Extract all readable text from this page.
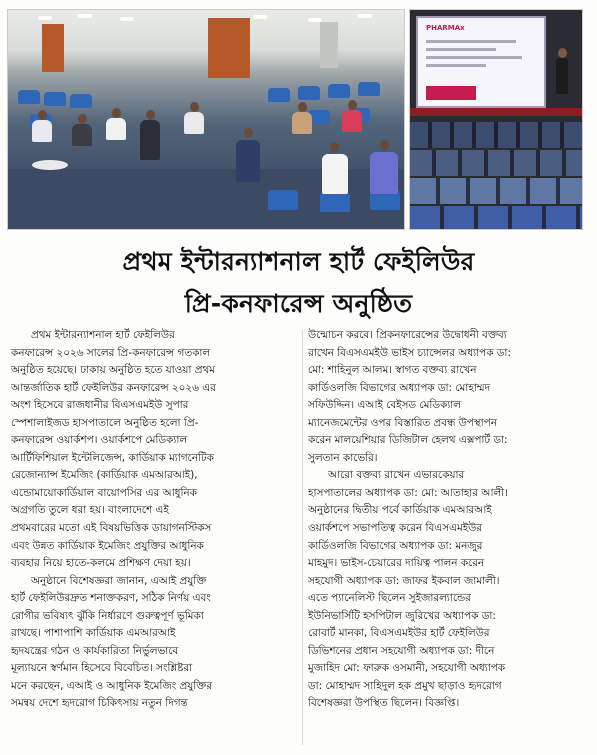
PHARMAx
প্রথম ইন্টারন্যাশনাল হার্ট ফেইলিউর
প্রি-কনফারেন্স অনুষ্ঠিত
প্রথম ইন্টারন্যাশনাল হার্ট ফেইলিউর
কনফারেন্স ২০২৬ সালের প্রি-কনফারেন্স গতকাল
অনুষ্ঠিত হয়েছে। ঢাকায় অনুষ্ঠিত হতে যাওয়া প্রথম
আন্তর্জাতিক হার্ট ফেইলিউর কনফারেন্স ২০২৬ এর
অংশ হিসেবে রাজধানীর বিএসএমইউ সুপার
স্পেশালাইজড হাসপাতালে অনুষ্ঠিত হলো প্রি-
কনফারেন্স ওয়ার্কশপ। ওয়ার্কশপে মেডিক্যাল
আর্টিফিশিয়াল ইন্টেলিজেন্স, কার্ডিয়াক ম্যাগনেটিক
রেজোন্যান্স ইমেজিং (কার্ডিয়াক এমআরআই),
এন্ডোমায়োকার্ডিয়াল বায়োপসির এর আধুনিক
অগ্রগতি তুলে ধরা হয়। বাংলাদেশে এই
প্রথমবারের মতো এই বিষয়ভিত্তিক ডায়াগনস্টিকস
এবং উন্নত কার্ডিয়াক ইমেজিং প্রযুক্তির আধুনিক
ব্যবহার নিয়ে হাতে-কলমে প্রশিক্ষণ দেয়া হয়।
অনুষ্ঠানে বিশেষজ্ঞরা জানান, এআই প্রযুক্তি
হার্ট ফেইলিউরদ্রুত শনাক্তকরণ, সঠিক নির্ণয় এবং
রোগীর ভবিষ্যৎ ঝুঁকি নির্ধারণে গুরুত্বপূর্ণ ভূমিকা
রাখছে। পাশাপাশি কার্ডিয়াক এমআরআই
হৃদযন্ত্রের গঠন ও কার্যকারিতা নির্ভুলভাবে
মূল্যায়নে স্বর্ণমান হিসেবে বিবেচিত। সংশ্লিষ্টরা
মনে করছেন, এআই ও আধুনিক ইমেজিং প্রযুক্তির
সমন্বয় দেশে হৃদরোগ চিকিৎসায় নতুন দিগন্ত
উন্মোচন করবে। প্রিকনফারেন্সের উদ্বোধনী বক্তব্য
রাখেন বিএসএমইউ ভাইস চ্যান্সেলর অধ্যাপক ডা:
মো: শাহিনুল আলম। স্বাগত বক্তব্য রাখেন
কার্ডিওলজি বিভাগের অধ্যাপক ডা: মোহাম্মদ
সফিউদ্দিন। এআই বেইসড মেডিক্যাল
ম্যানেজমেন্টের ওপর বিস্তারিত প্রবন্ধ উপস্থাপন
করেন মালয়েশিয়ার ডিজিটাল হেলথ এক্সপার্ট ডা:
সুলতান কাভেরি।
আরো বক্তব্য রাখেন এভারকেয়ার
হাসপাতালের অধ্যাপক ডা: মো: আতাহার আলী।
অনুষ্ঠানের দ্বিতীয় পর্বে কার্ডিয়াক এমআরআই
ওয়ার্কশপে সভাপতিত্ব করেন বিএসএমইউর
কার্ডিওলজি বিভাগের অধ্যাপক ডা: মনজুর
মাহমুদ। ভাইস-চেয়ারের দায়িত্ব পালন করেন
সহযোগী অধ্যাপক ডা: জাফর ইকবাল জামালী।
এতে প্যানেলিস্ট ছিলেন সুইজারল্যান্ডের
ইউনিভার্সিটি হসপিটাল জুরিখের অধ্যাপক ডা:
রোবার্ট মানকা, বিএসএমইউর হার্ট ফেইলিউর
ডিভিশনের প্রধান সহযোগী অধ্যাপক ডা: দীনে
মুজাহিদ মো: ফারুক ওসমানী, সহযোগী অধ্যাপক
ডা: মোহাম্মদ সাহিদুল হক প্রমুখ ছাড়াও হৃদরোগ
বিশেষজ্ঞরা উপস্থিত ছিলেন। বিজ্ঞপ্তি।
